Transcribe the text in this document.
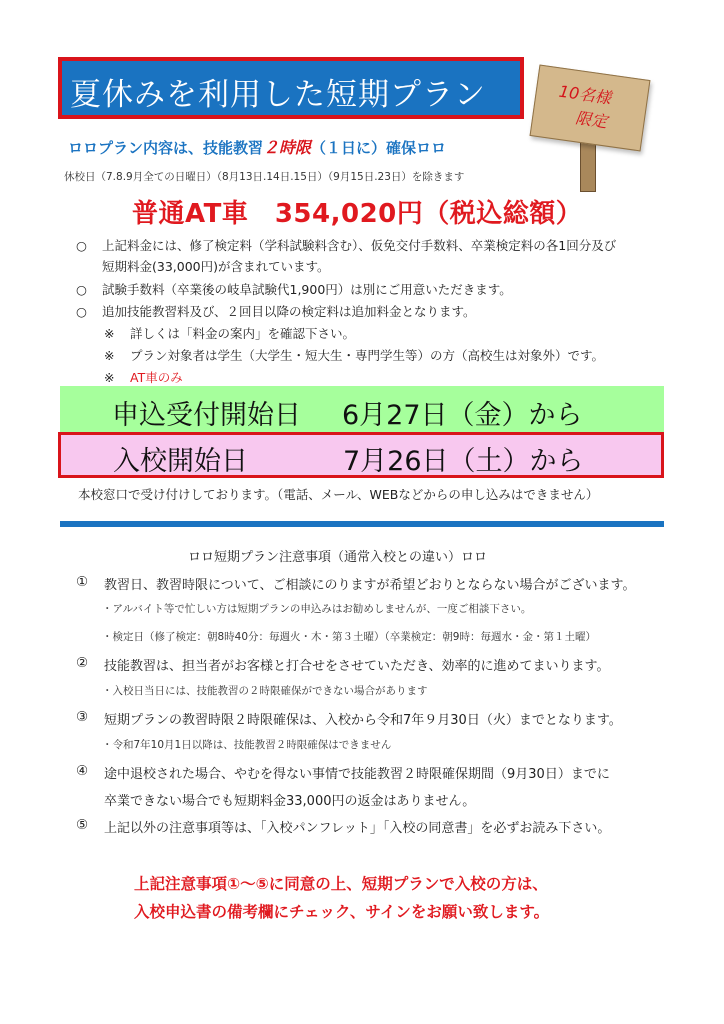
夏休みを利用した短期プラン	10名様
限定
ロロプラン内容は、技能教習２時限（１日に）確保ロロ
休校日（7.8.9月全ての日曜日）（8月13日.14日.15日）（9月15日.23日）を除きます
普通AT車　354,020円（税込総額）
○ 上記料金には、修了検定料（学科試験料含む）、仮免交付手数料、卒業検定料の各1回分及び
短期料金(33,000円)が含まれています。
○ 試験手数料（卒業後の岐阜試験代1,900円）は別にご用意いただきます。
○ 追加技能教習料及び、２回目以降の検定料は追加料金となります。
※ 詳しくは「料金の案内」を確認下さい。
※ プラン対象者は学生（大学生・短大生・専門学生等）の方（高校生は対象外）です。
※ AT車のみ
申込受付開始日 6月27日（金）から
入校開始日	7月26日（土）から
本校窓口で受け付けしております。（電話、メール、WEBなどからの申し込みはできません）
ロロ短期プラン注意事項（通常入校との違い）ロロ
① 教習日、教習時限について、ご相談にのりますが希望どおりとならない場合がございます。
・アルバイト等で忙しい方は短期プランの申込みはお勧めしませんが、一度ご相談下さい。
・検定日（修了検定：朝8時40分：毎週火・木・第３土曜）（卒業検定：朝9時：毎週水・金・第１土曜）
② 技能教習は、担当者がお客様と打合せをさせていただき、効率的に進めてまいります。
・入校日当日には、技能教習の２時限確保ができない場合があります
③ 短期プランの教習時限２時限確保は、入校から令和7年９月30日（火）までとなります。
・令和7年10月1日以降は、技能教習２時限確保はできません
④ 途中退校された場合、やむを得ない事情で技能教習２時限確保期間（9月30日）までに
卒業できない場合でも短期料金33,000円の返金はありません。
⑤ 上記以外の注意事項等は、「入校パンフレット」「入校の同意書」を必ずお読み下さい。
上記注意事項①～⑤に同意の上、短期プランで入校の方は、
入校申込書の備考欄にチェック、サインをお願い致します。
